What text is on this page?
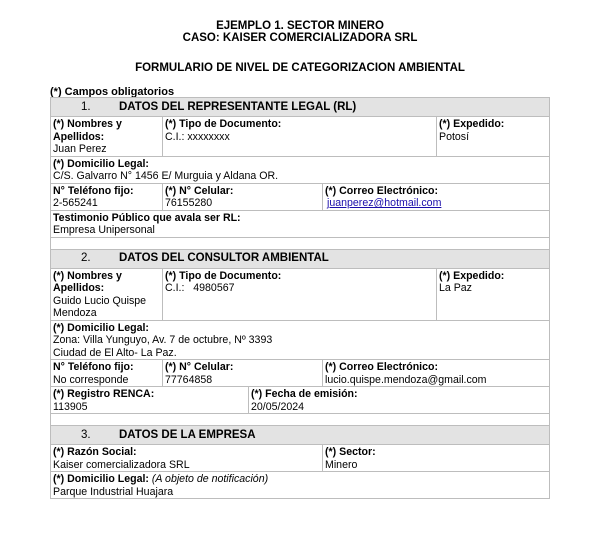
EJEMPLO 1. SECTOR MINERO
CASO: KAISER COMERCIALIZADORA SRL
FORMULARIO DE NIVEL DE CATEGORIZACION AMBIENTAL
(*) Campos obligatorios
1. DATOS DEL REPRESENTANTE LEGAL (RL)				

(*) Nombres y Apellidos:
Juan Perez	(*) Tipo de Documento:
C.I.: xxxxxxxx			(*) Expedido:
Potosí

(*) Domicilio Legal:
C/S. Galvarro N° 1456 E/ Murguia y Aldana OR.				

N° Teléfono fijo:
2-565241	(*) N° Celular:
76155280		(*) Correo Electrónico:
juanperez@hotmail.com	

Testimonio Público que avala ser RL:
Empresa Unipersonal				

2. DATOS DEL CONSULTOR AMBIENTAL				

(*) Nombres y Apellidos:
Guido Lucio Quispe Mendoza	(*) Tipo de Documento:
C.I.:   4980567			(*) Expedido:
La Paz

(*) Domicilio Legal:
Zona: Villa Yunguyo, Av. 7 de octubre, Nº 3393
Ciudad de El Alto- La Paz.				

N° Teléfono fijo:
No corresponde	(*) N° Celular:
77764858		(*) Correo Electrónico:
lucio.quispe.mendoza@gmail.com	

(*) Registro RENCA:
113905		(*) Fecha de emisión:
20/05/2024		

3. DATOS DE LA EMPRESA				

(*) Razón Social:
Kaiser comercializadora SRL			(*) Sector:
Minero	

(*) Domicilio Legal: (A objeto de notificación)
Parque Industrial Huajara				
